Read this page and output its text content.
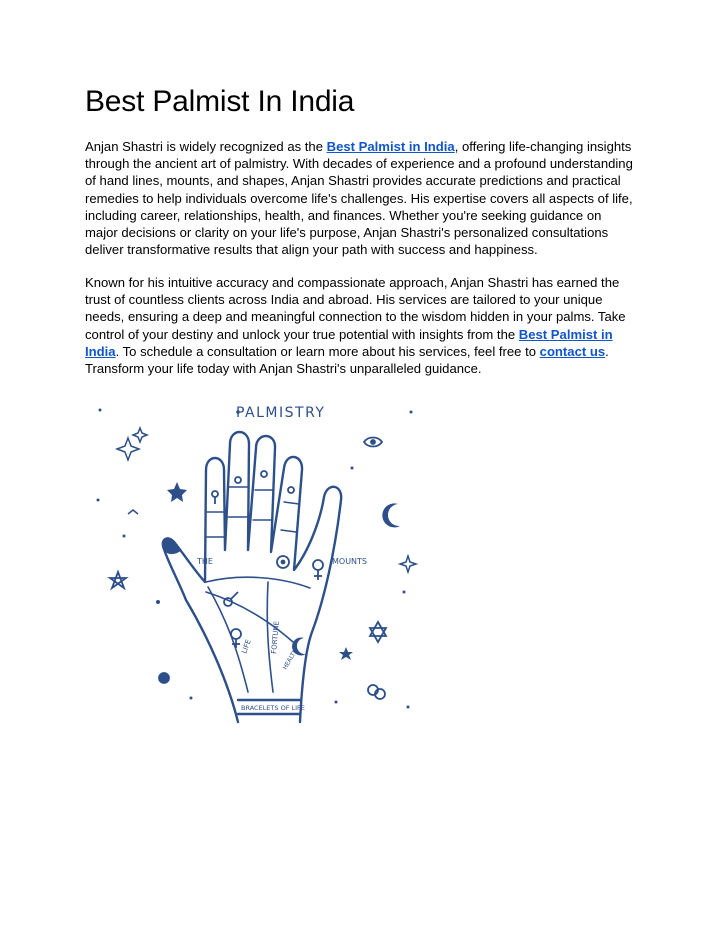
Best Palmist In India

Anjan Shastri is widely recognized as the Best Palmist in India, offering life-changing insights through the ancient art of palmistry. With decades of experience and a profound understanding of hand lines, mounts, and shapes, Anjan Shastri provides accurate predictions and practical remedies to help individuals overcome life's challenges. His expertise covers all aspects of life, including career, relationships, health, and finances. Whether you're seeking guidance on major decisions or clarity on your life's purpose, Anjan Shastri's personalized consultations deliver transformative results that align your path with success and happiness.

Known for his intuitive accuracy and compassionate approach, Anjan Shastri has earned the trust of countless clients across India and abroad. His services are tailored to your unique needs, ensuring a deep and meaningful connection to the wisdom hidden in your palms. Take control of your destiny and unlock your true potential with insights from the Best Palmist in India. To schedule a consultation or learn more about his services, feel free to contact us. Transform your life today with Anjan Shastri's unparalleled guidance.

PALMISTRY
THE	MOUNTS
LIFE FORTUNE
HEALTH
BRACELETS OF LIFE
